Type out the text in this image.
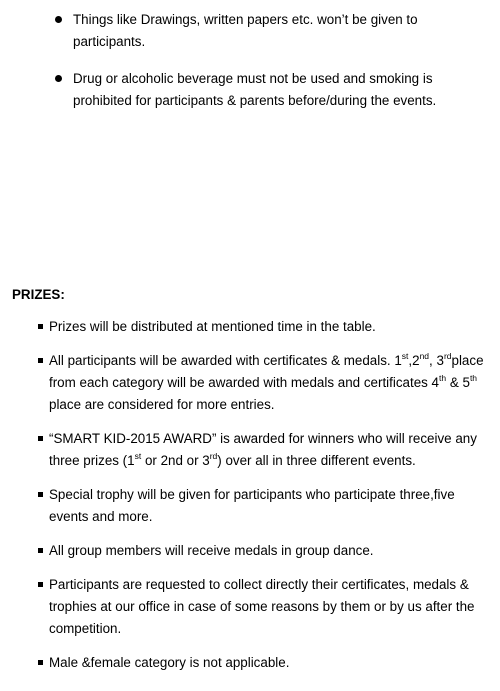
Things like Drawings, written papers etc. won’t be given to participants.
Drug or alcoholic beverage must not be used and smoking is prohibited for participants & parents before/during the events.
PRIZES:
Prizes will be distributed at mentioned time in the table.
All participants will be awarded with certificates & medals. 1st,2nd, 3rdplace from each category will be awarded with medals and certificates 4th & 5th place are considered for more entries.
“SMART KID-2015 AWARD” is awarded for winners who will receive any three prizes (1st or 2nd or 3rd) over all in three different events.
Special trophy will be given for participants who participate three,five events and more.
All group members will receive medals in group dance.
Participants are requested to collect directly their certificates, medals & trophies at our office in case of some reasons by them or by us after the competition.
Male &female category is not applicable.
